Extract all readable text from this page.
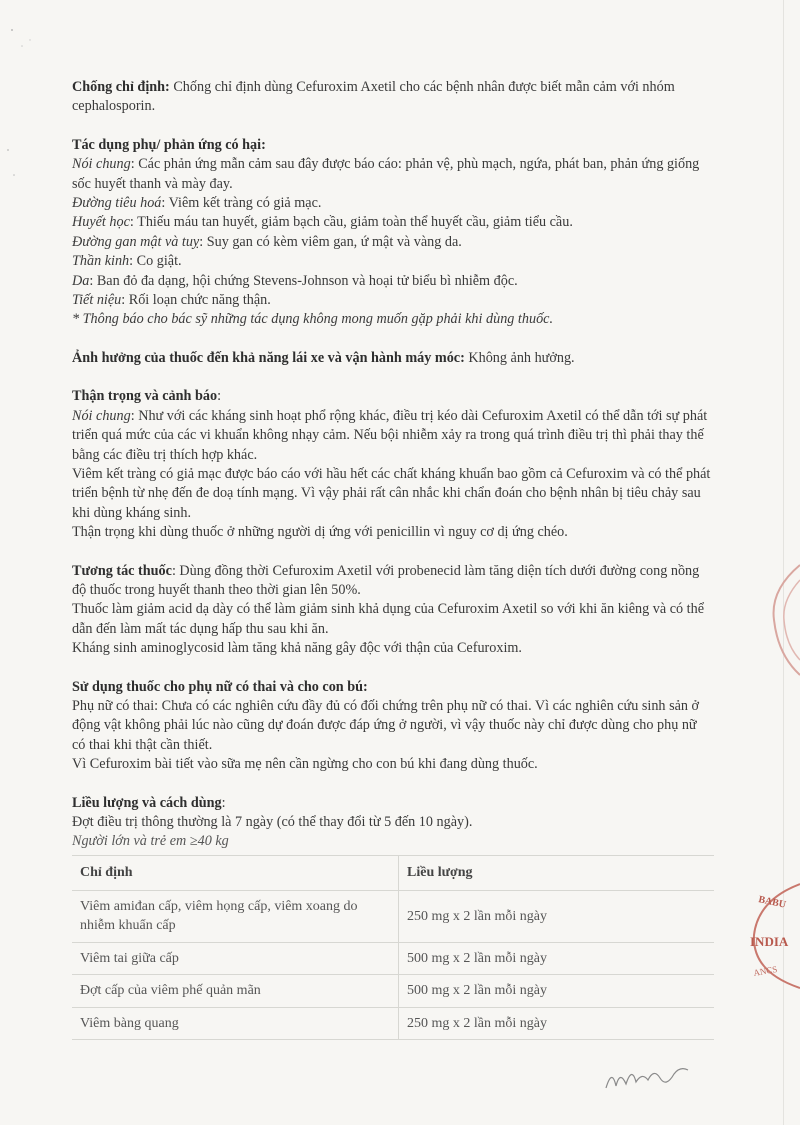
Chống chỉ định: Chống chỉ định dùng Cefuroxim Axetil cho các bệnh nhân được biết mẫn cảm với nhóm cephalosporin.

Tác dụng phụ/ phản ứng có hại:

Nói chung: Các phản ứng mẫn cảm sau đây được báo cáo: phản vệ, phù mạch, ngứa, phát ban, phản ứng giống sốc huyết thanh và mày đay.

Đường tiêu hoá: Viêm kết tràng có giả mạc.

Huyết học: Thiếu máu tan huyết, giảm bạch cầu, giảm toàn thể huyết cầu, giảm tiểu cầu.

Đường gan mật và tuỵ: Suy gan có kèm viêm gan, ứ mật và vàng da.

Thần kinh: Co giật.

Da: Ban đỏ đa dạng, hội chứng Stevens-Johnson và hoại tử biểu bì nhiễm độc.

Tiết niệu: Rối loạn chức năng thận.

* Thông báo cho bác sỹ những tác dụng không mong muốn gặp phải khi dùng thuốc.

Ảnh hưởng của thuốc đến khả năng lái xe và vận hành máy móc: Không ảnh hưởng.

Thận trọng và cảnh báo:

Nói chung: Như với các kháng sinh hoạt phổ rộng khác, điều trị kéo dài Cefuroxim Axetil có thể dẫn tới sự phát triển quá mức của các vi khuẩn không nhạy cảm. Nếu bội nhiễm xảy ra trong quá trình điều trị thì phải thay thế bằng các điều trị thích hợp khác.

Viêm kết tràng có giả mạc được báo cáo với hầu hết các chất kháng khuẩn bao gồm cả Cefuroxim và có thể phát triển bệnh từ nhẹ đến đe doạ tính mạng. Vì vậy phải rất cân nhắc khi chẩn đoán cho bệnh nhân bị tiêu chảy sau khi dùng kháng sinh.

Thận trọng khi dùng thuốc ở những người dị ứng với penicillin vì nguy cơ dị ứng chéo.

Tương tác thuốc: Dùng đồng thời Cefuroxim Axetil với probenecid làm tăng diện tích dưới đường cong nồng độ thuốc trong huyết thanh theo thời gian lên 50%.

Thuốc làm giảm acid dạ dày có thể làm giảm sinh khả dụng của Cefuroxim Axetil so với khi ăn kiêng và có thể dẫn đến làm mất tác dụng hấp thu sau khi ăn.

Kháng sinh aminoglycosid làm tăng khả năng gây độc với thận của Cefuroxim.

Sử dụng thuốc cho phụ nữ có thai và cho con bú:

Phụ nữ có thai: Chưa có các nghiên cứu đầy đủ có đối chứng trên phụ nữ có thai. Vì các nghiên cứu sinh sản ở động vật không phải lúc nào cũng dự đoán được đáp ứng ở người, vì vậy thuốc này chỉ được dùng cho phụ nữ có thai khi thật cần thiết.

Vì Cefuroxim bài tiết vào sữa mẹ nên cần ngừng cho con bú khi đang dùng thuốc.

Liều lượng và cách dùng:

Đợt điều trị thông thường là 7 ngày (có thể thay đổi từ 5 đến 10 ngày).

Người lớn và trẻ em ≥40 kg

Chỉ định	Liều lượng
Viêm amiđan cấp, viêm họng cấp, viêm xoang do nhiễm khuẩn cấp	250 mg x 2 lần mỗi ngày
Viêm tai giữa cấp	500 mg x 2 lần mỗi ngày
Đợt cấp của viêm phế quản mãn	500 mg x 2 lần mỗi ngày
Viêm bàng quang	250 mg x 2 lần mỗi ngày
BABU
INDIA
ANCS
